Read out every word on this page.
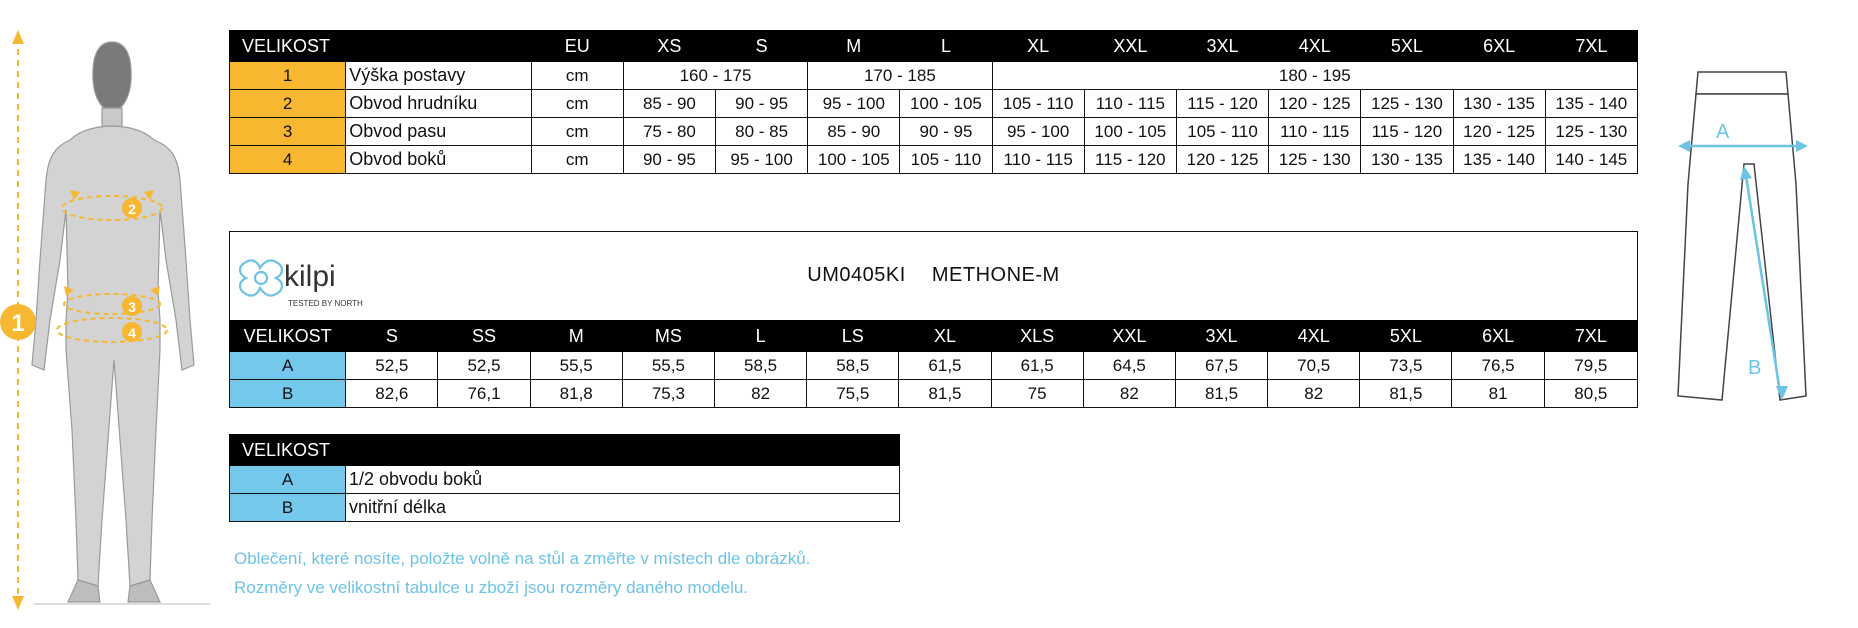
2
3
4
1
VELIKOST		EU	XS	S	M	L	XL	XXL	3XL	4XL	5XL	6XL	7XL
1	Výška postavy	cm	160 - 175		170 - 185		180 - 195						
2	Obvod hrudníku	cm	85 - 90	90 - 95	95 - 100	100 - 105	105 - 110	110 - 115	115 - 120	120 - 125	125 - 130	130 - 135	135 - 140
3	Obvod pasu	cm	75 - 80	80 - 85	85 - 90	90 - 95	95 - 100	100 - 105	105 - 110	110 - 115	115 - 120	120 - 125	125 - 130
4	Obvod boků	cm	90 - 95	95 - 100	100 - 105	105 - 110	110 - 115	115 - 120	120 - 125	125 - 130	130 - 135	135 - 140	140 - 145
kilpi
TESTED BY NORTH
UM0405KI METHONE-M
VELIKOST	S	SS	M	MS	L	LS	XL	XLS	XXL	3XL	4XL	5XL	6XL	7XL
A	52,5	52,5	55,5	55,5	58,5	58,5	61,5	61,5	64,5	67,5	70,5	73,5	76,5	79,5
B	82,6	76,1	81,8	75,3	82	75,5	81,5	75	82	81,5	82	81,5	81	80,5
VELIKOST	
A	1/2 obvodu boků
B	vnitřní délka
Oblečení, které nosíte, položte volně na stůl a změřte v místech dle obrázků.
Rozměry ve velikostní tabulce u zboží jsou rozměry daného modelu.
A
B
